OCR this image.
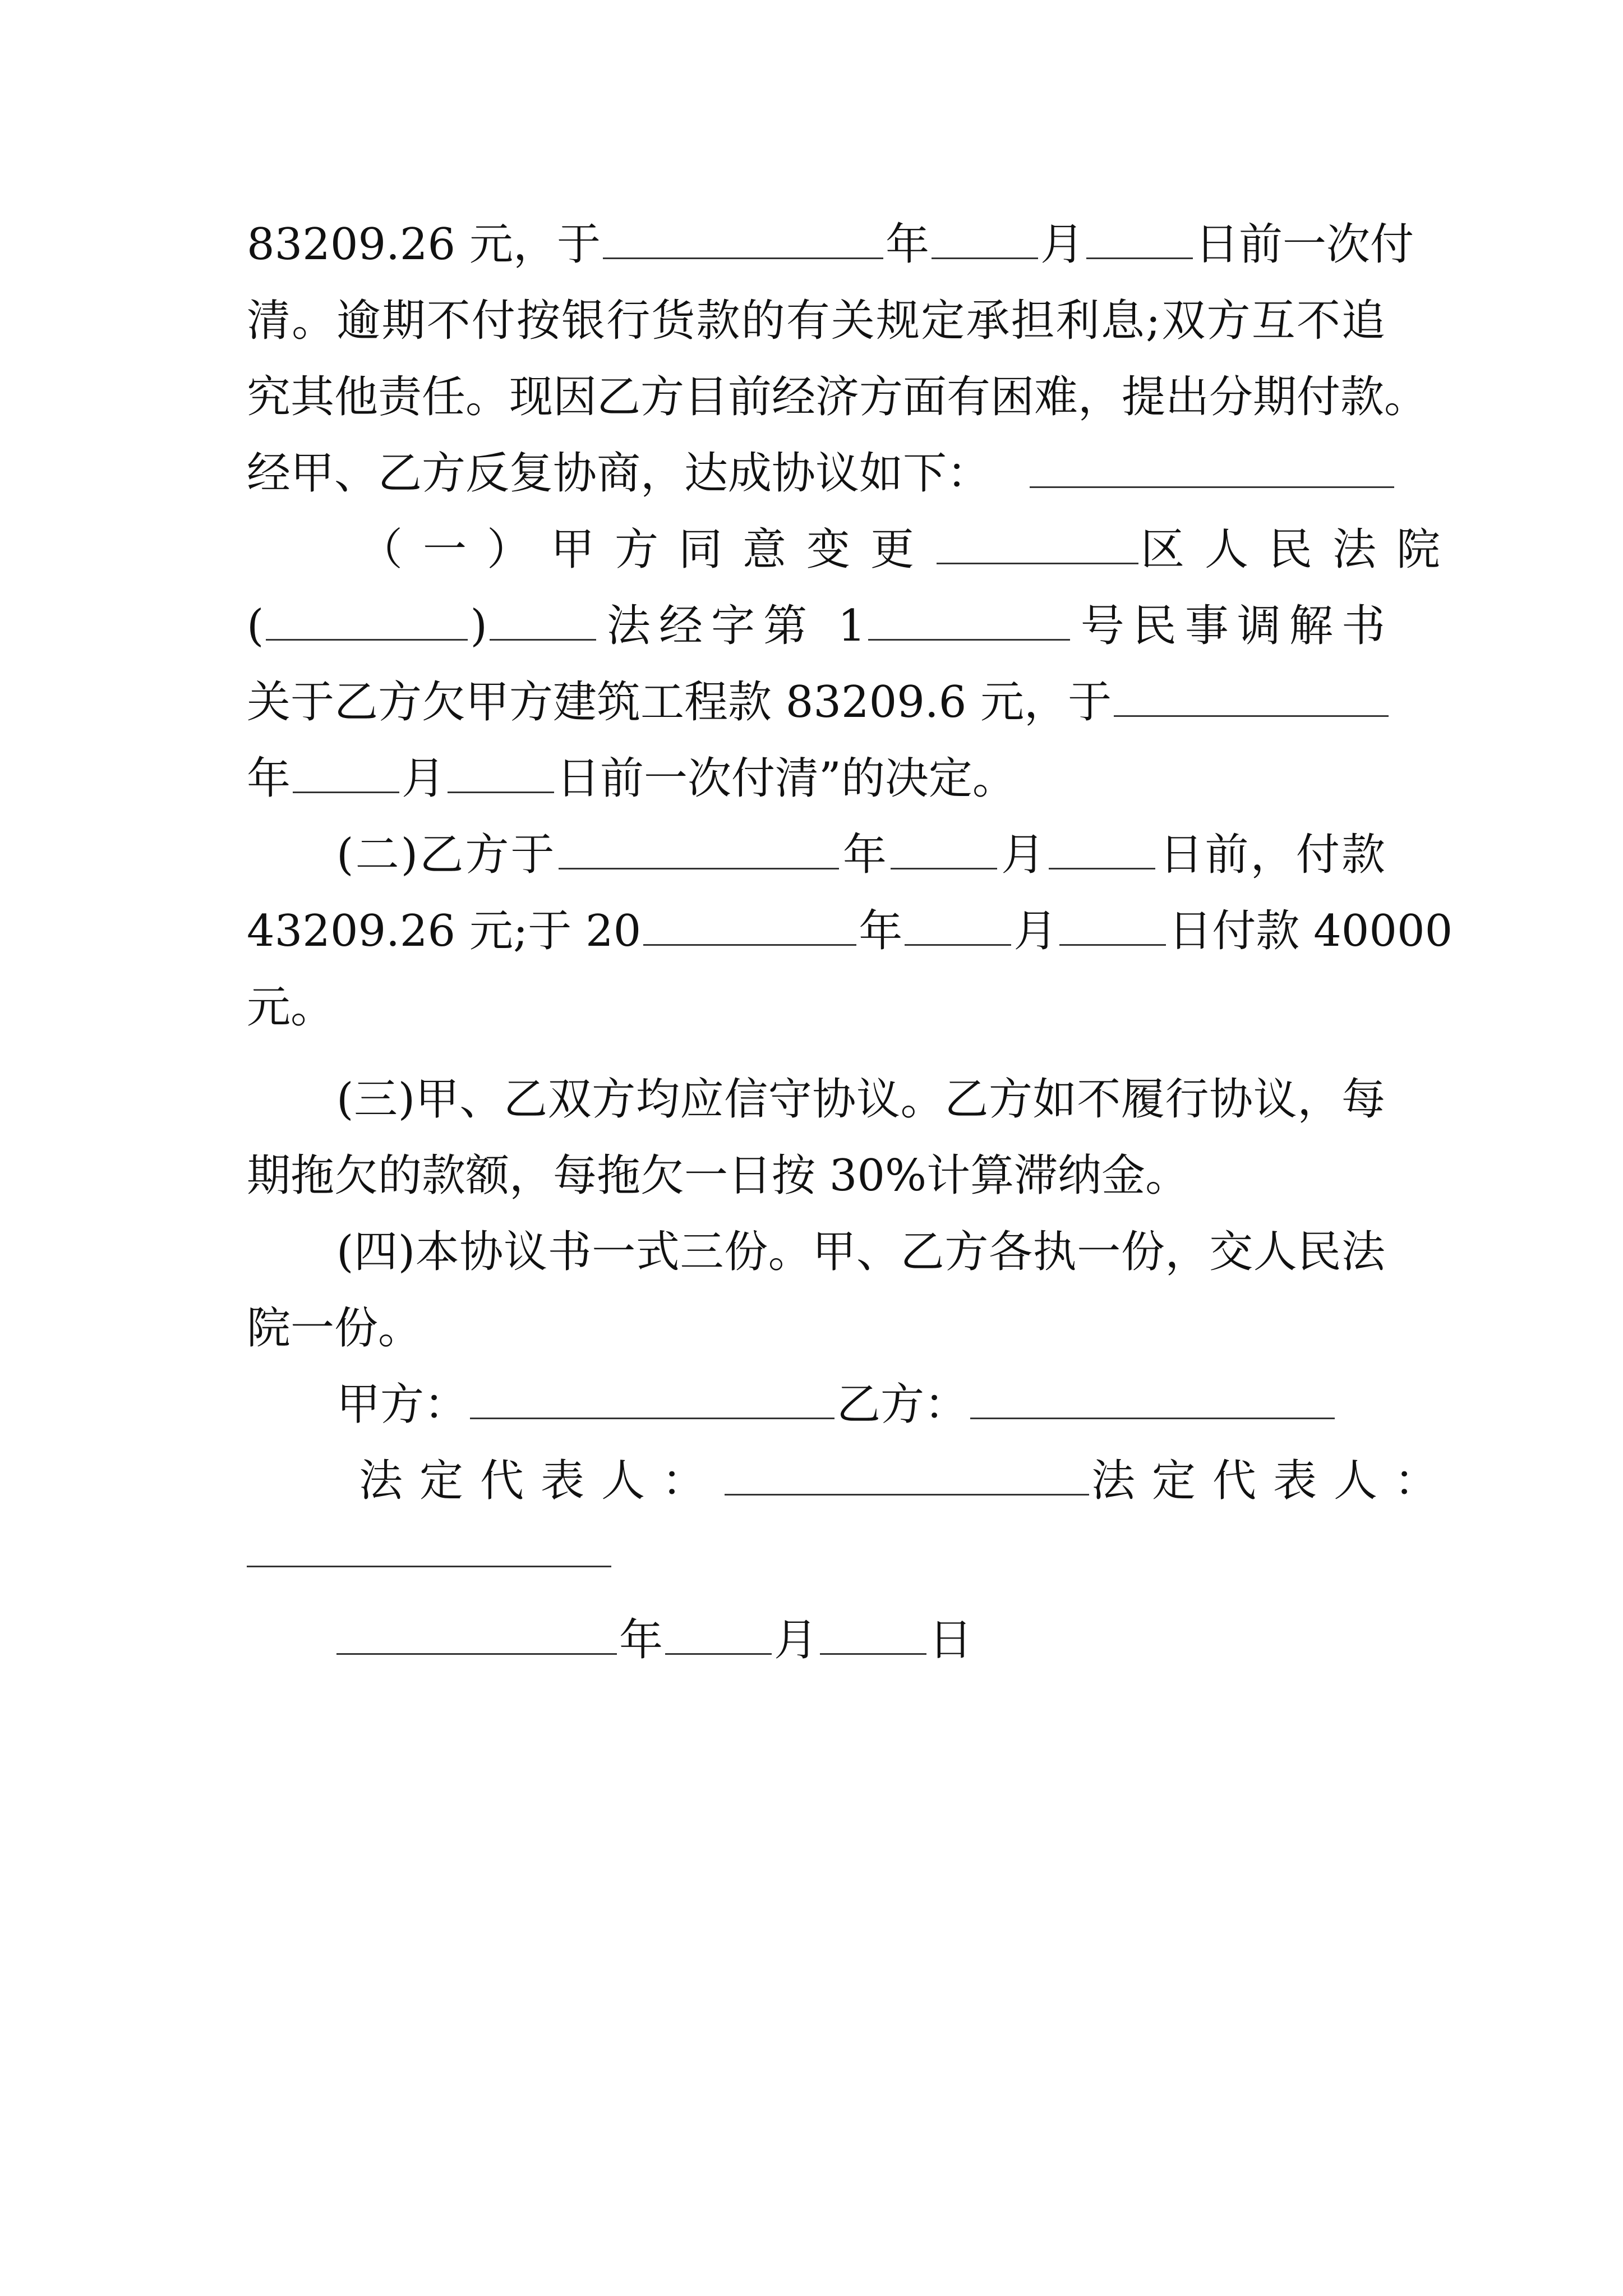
83209.26 元，于	年	月	日前一次付
清。逾期不付按银行货款的有关规定承担利息;双方互不追
究其他责任。现因乙方目前经济方面有困难，提出分期付款。
经甲、乙方反复协商，达成协议如下：
（一）甲方同意变更	区人民法院
(	)	法经字第 1	号民事调解书
关于乙方欠甲方建筑工程款 83209.6 元，于
年	月	日前一次付清”的决定。
(二)乙方于	年	月	日前，付款
43209.26 元;于 20	年	月	日付款 40000
元。
(三)甲、乙双方均应信守协议。乙方如不履行协议，每
期拖欠的款额，每拖欠一日按 30%计算滞纳金。
(四)本协议书一式三份。甲、乙方各执一份，交人民法
院一份。
甲方：	乙方：
法定代表人：	法定代表人：
年	月	日
